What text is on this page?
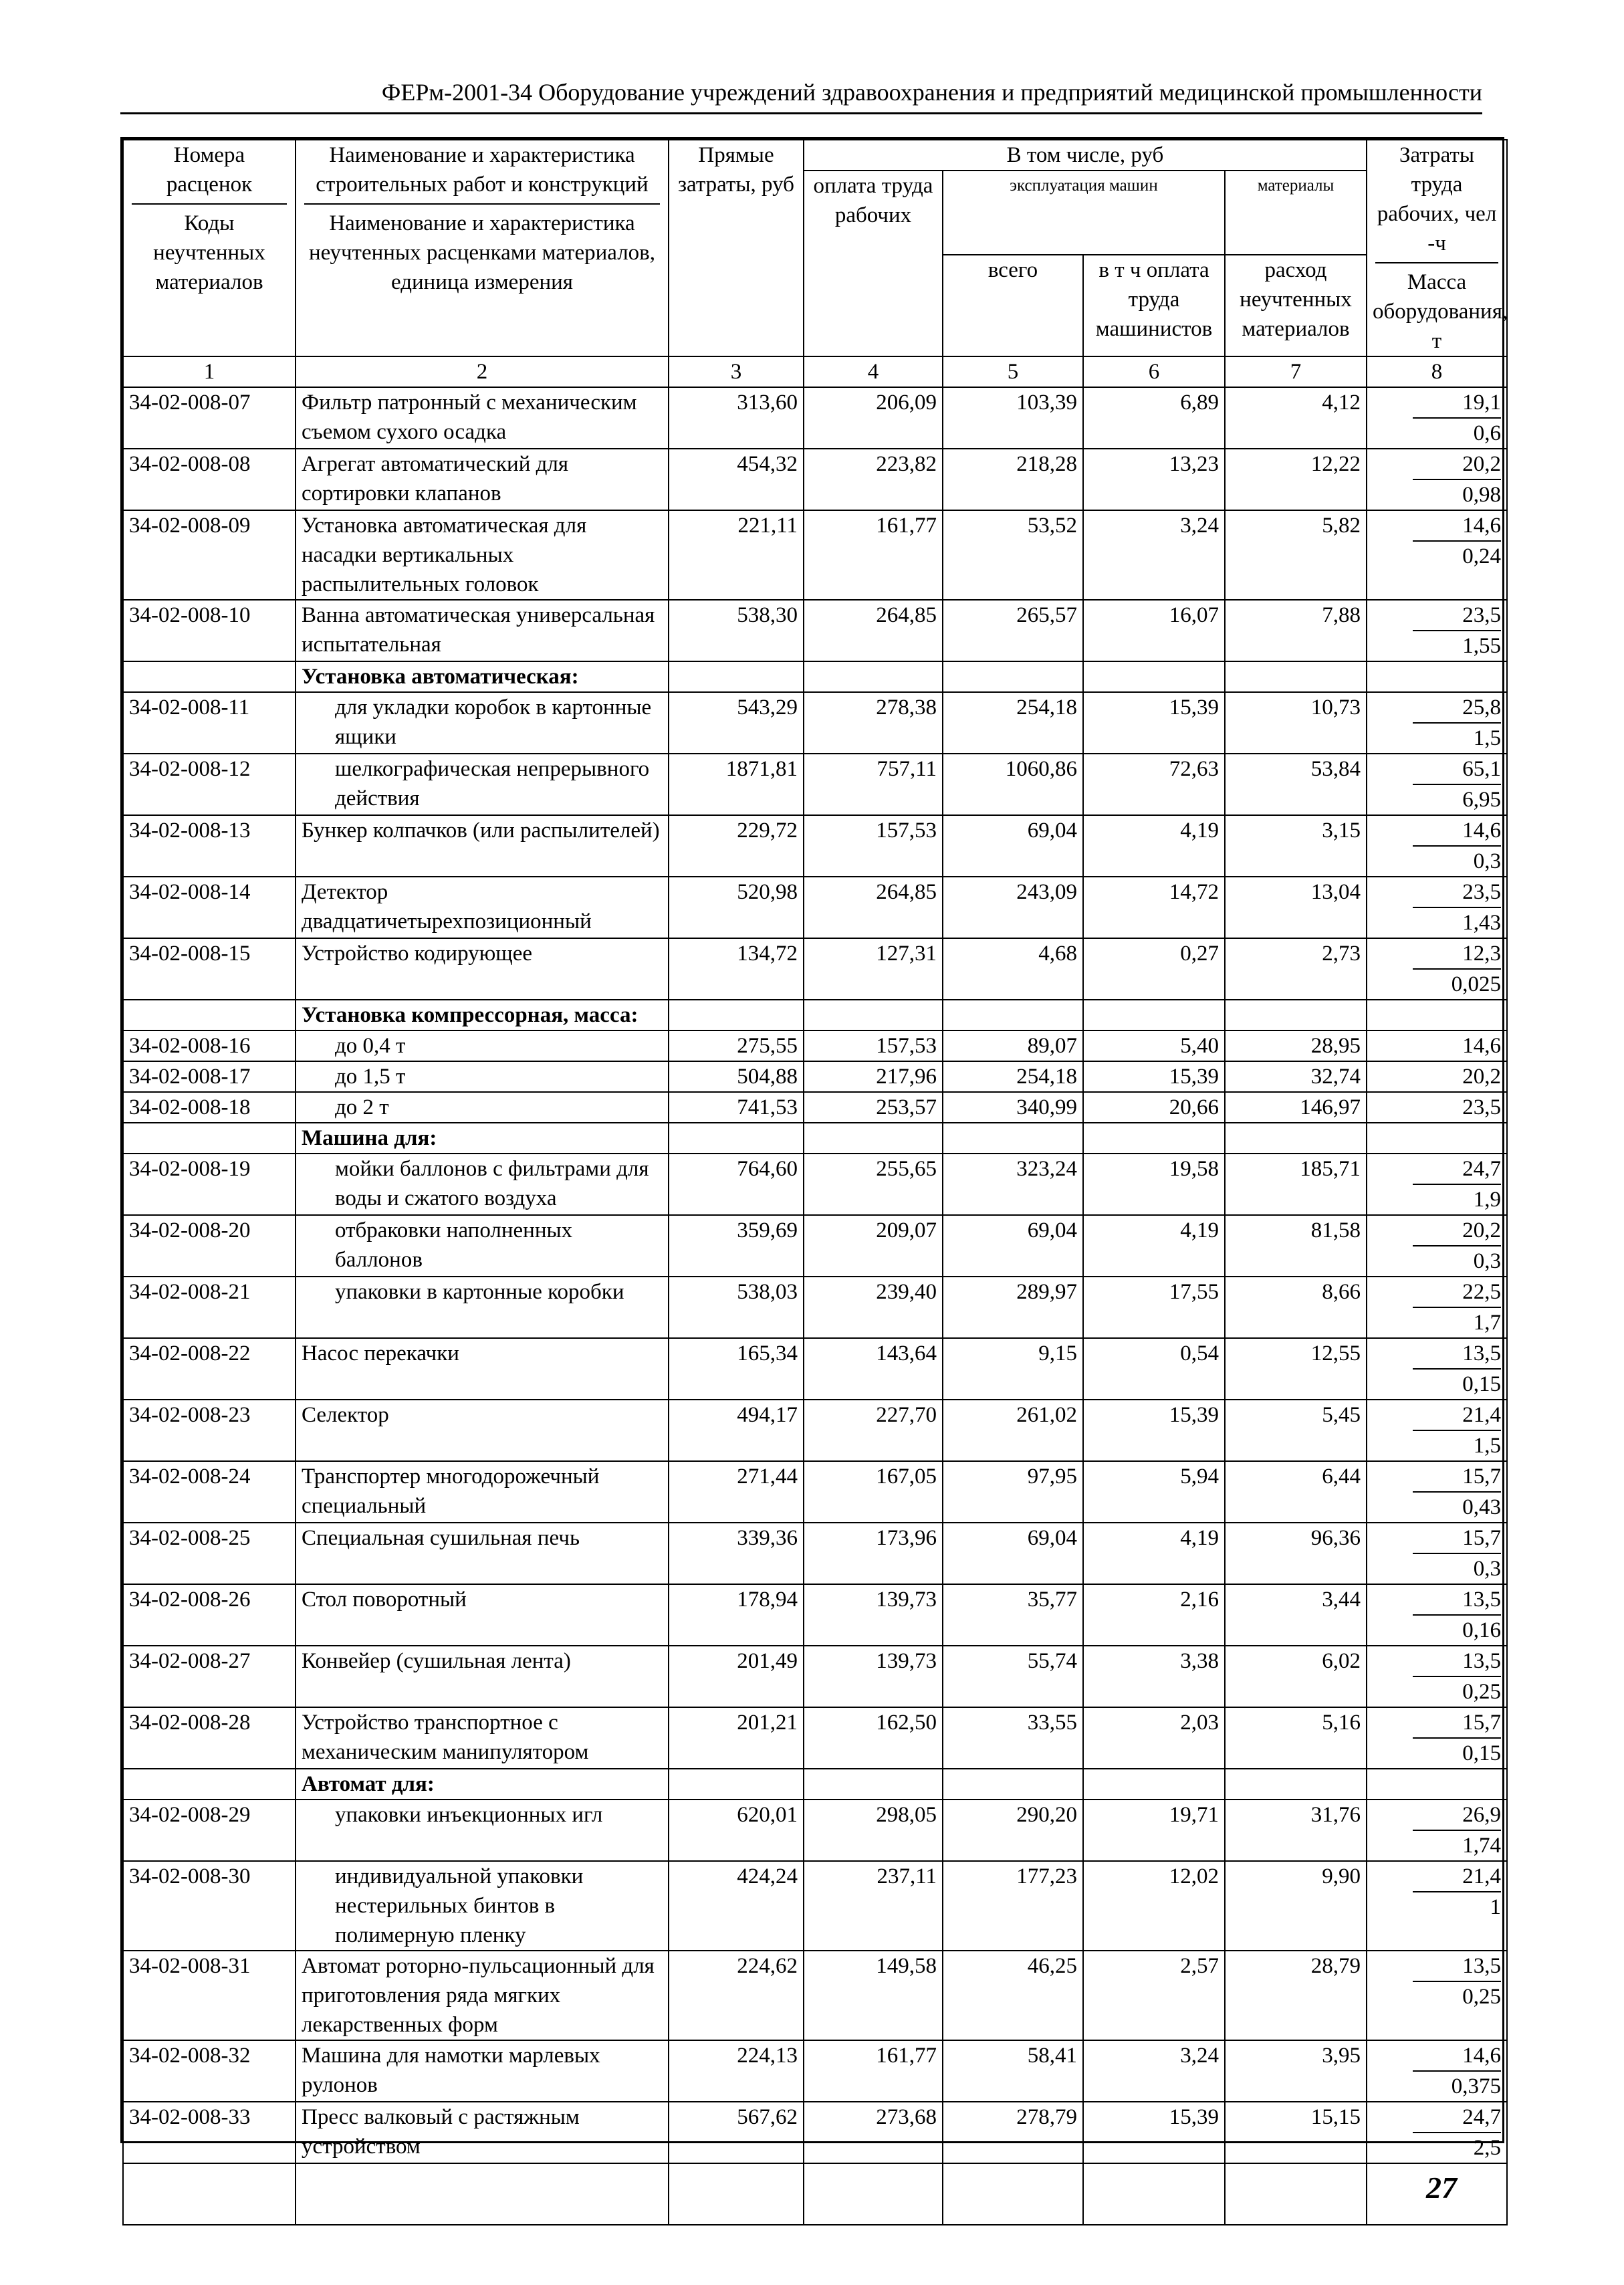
ФЕРм-2001-34 Оборудование учреждений здравоохранения и предприятий медицинской промышленности
Номера расценок
Коды неучтенных материалов	Наименование и характеристика строительных работ и конструкций
Наименование и характеристика неучтенных расценками материалов, единица измерения	Прямые затраты, руб	В том числе, руб				Затраты труда рабочих, чел -ч
Масса оборудования, т
			оплата труда рабочих	эксплуатация машин		материалы	
				всего	в т ч оплата труда машинистов	расход неучтенных материалов	
1	2	3	4	5	6	7	8
34-02-008-07	Фильтр патронный с механическим съемом сухого осадка	313,60	206,09	103,39	6,89	4,12	19,1
0,6

34-02-008-08	Агрегат автоматический для сортировки клапанов	454,32	223,82	218,28	13,23	12,22	20,2
0,98

34-02-008-09	Установка автоматическая для насадки вертикальных распылительных головок	221,11	161,77	53,52	3,24	5,82	14,6
0,24

34-02-008-10	Ванна автоматическая универсальная испытательная	538,30	264,85	265,57	16,07	7,88	23,5
1,55

	Установка автоматическая:						
34-02-008-11	для укладки коробок в картонные ящики	543,29	278,38	254,18	15,39	10,73	25,8
1,5

34-02-008-12	шелкографическая непрерывного действия	1871,81	757,11	1060,86	72,63	53,84	65,1
6,95

34-02-008-13	Бункер колпачков (или распылителей)	229,72	157,53	69,04	4,19	3,15	14,6
0,3

34-02-008-14	Детектор двадцатичетырехпозиционный	520,98	264,85	243,09	14,72	13,04	23,5
1,43

34-02-008-15	Устройство кодирующее	134,72	127,31	4,68	0,27	2,73	12,3
0,025

	Установка компрессорная, масса:						
34-02-008-16	до 0,4 т	275,55	157,53	89,07	5,40	28,95	14,6
34-02-008-17	до 1,5 т	504,88	217,96	254,18	15,39	32,74	20,2
34-02-008-18	до 2 т	741,53	253,57	340,99	20,66	146,97	23,5
	Машина для:						
34-02-008-19	мойки баллонов с фильтрами для воды и сжатого воздуха	764,60	255,65	323,24	19,58	185,71	24,7
1,9

34-02-008-20	отбраковки наполненных баллонов	359,69	209,07	69,04	4,19	81,58	20,2
0,3

34-02-008-21	упаковки в картонные коробки	538,03	239,40	289,97	17,55	8,66	22,5
1,7

34-02-008-22	Насос перекачки	165,34	143,64	9,15	0,54	12,55	13,5
0,15

34-02-008-23	Селектор	494,17	227,70	261,02	15,39	5,45	21,4
1,5

34-02-008-24	Транспортер многодорожечный специальный	271,44	167,05	97,95	5,94	6,44	15,7
0,43

34-02-008-25	Специальная сушильная печь	339,36	173,96	69,04	4,19	96,36	15,7
0,3

34-02-008-26	Стол поворотный	178,94	139,73	35,77	2,16	3,44	13,5
0,16

34-02-008-27	Конвейер (сушильная лента)	201,49	139,73	55,74	3,38	6,02	13,5
0,25

34-02-008-28	Устройство транспортное с механическим манипулятором	201,21	162,50	33,55	2,03	5,16	15,7
0,15

	Автомат для:						
34-02-008-29	упаковки инъекционных игл	620,01	298,05	290,20	19,71	31,76	26,9
1,74

34-02-008-30	индивидуальной упаковки нестерильных бинтов в полимерную пленку	424,24	237,11	177,23	12,02	9,90	21,4
1

34-02-008-31	Автомат роторно-пульсационный для приготовления ряда мягких лекарственных форм	224,62	149,58	46,25	2,57	28,79	13,5
0,25

34-02-008-32	Машина для намотки марлевых рулонов	224,13	161,77	58,41	3,24	3,95	14,6
0,375

34-02-008-33	Пресс валковый с растяжным устройством	567,62	273,68	278,79	15,39	15,15	24,7
2,5

27
